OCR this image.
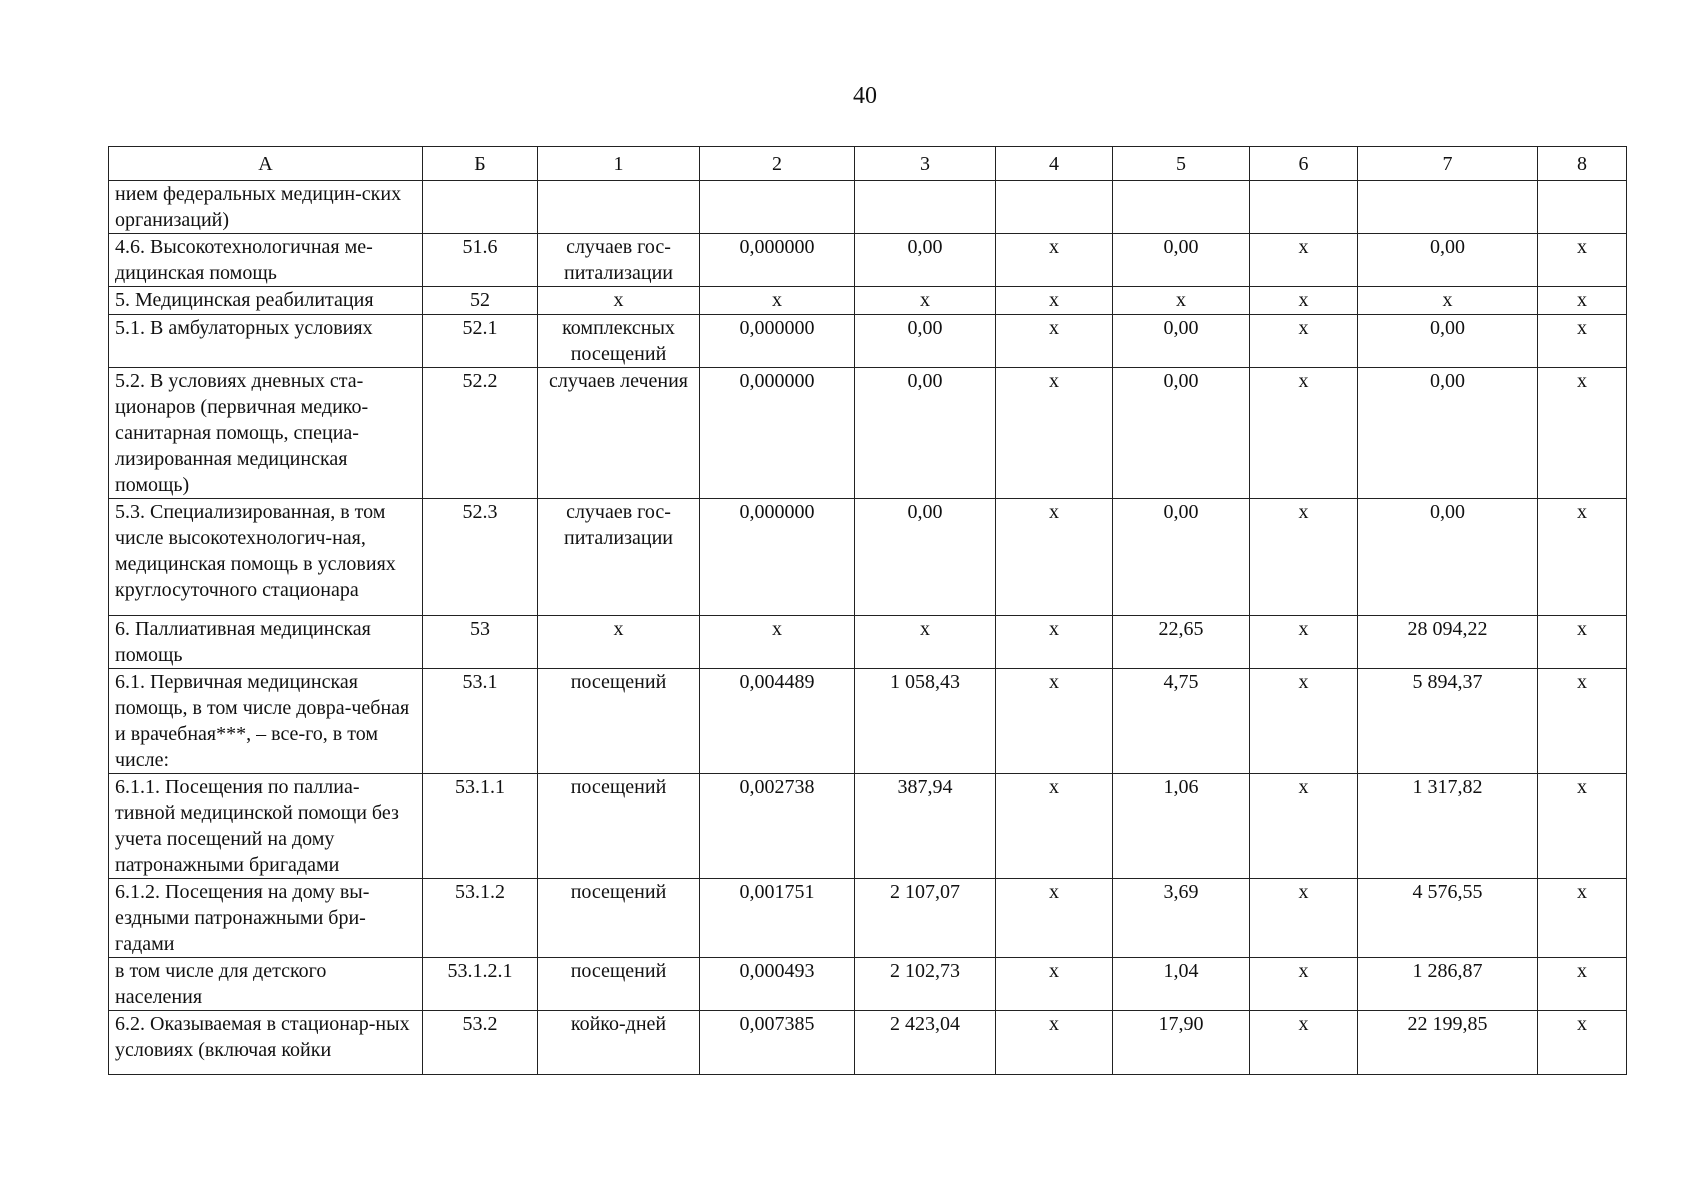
40
А	Б	1	2	3	4	5	6	7	8
нием федеральных медицин-ских организаций)									
4.6. Высокотехнологичная ме-дицинская помощь	51.6	случаев гос-питализации	0,000000	0,00	х	0,00	х	0,00	х
5. Медицинская реабилитация	52	х	х	х	х	х	х	х	х
5.1. В амбулаторных условиях	52.1	комплексных посещений	0,000000	0,00	х	0,00	х	0,00	х
5.2. В условиях дневных ста-ционаров (первичная медико-санитарная помощь, специа-лизированная медицинская помощь)	52.2	случаев лечения	0,000000	0,00	х	0,00	х	0,00	х
5.3. Специализированная, в том числе высокотехнологич-ная, медицинская помощь в условиях круглосуточного стационара	52.3	случаев гос-питализации	0,000000	0,00	х	0,00	х	0,00	х
6. Паллиативная медицинская помощь	53	х	х	х	х	22,65	х	28 094,22	х
6.1. Первичная медицинская помощь, в том числе довра-чебная и врачебная***, – все-го, в том числе:	53.1	посещений	0,004489	1 058,43	х	4,75	х	5 894,37	х
6.1.1. Посещения по паллиа-тивной медицинской помощи без учета посещений на дому патронажными бригадами	53.1.1	посещений	0,002738	387,94	х	1,06	х	1 317,82	х
6.1.2. Посещения на дому вы-ездными патронажными бри-гадами	53.1.2	посещений	0,001751	2 107,07	х	3,69	х	4 576,55	х
в том числе для детского населения	53.1.2.1	посещений	0,000493	2 102,73	х	1,04	х	1 286,87	х
6.2. Оказываемая в стационар-ных условиях (включая койки	53.2	койко-дней	0,007385	2 423,04	х	17,90	х	22 199,85	х
